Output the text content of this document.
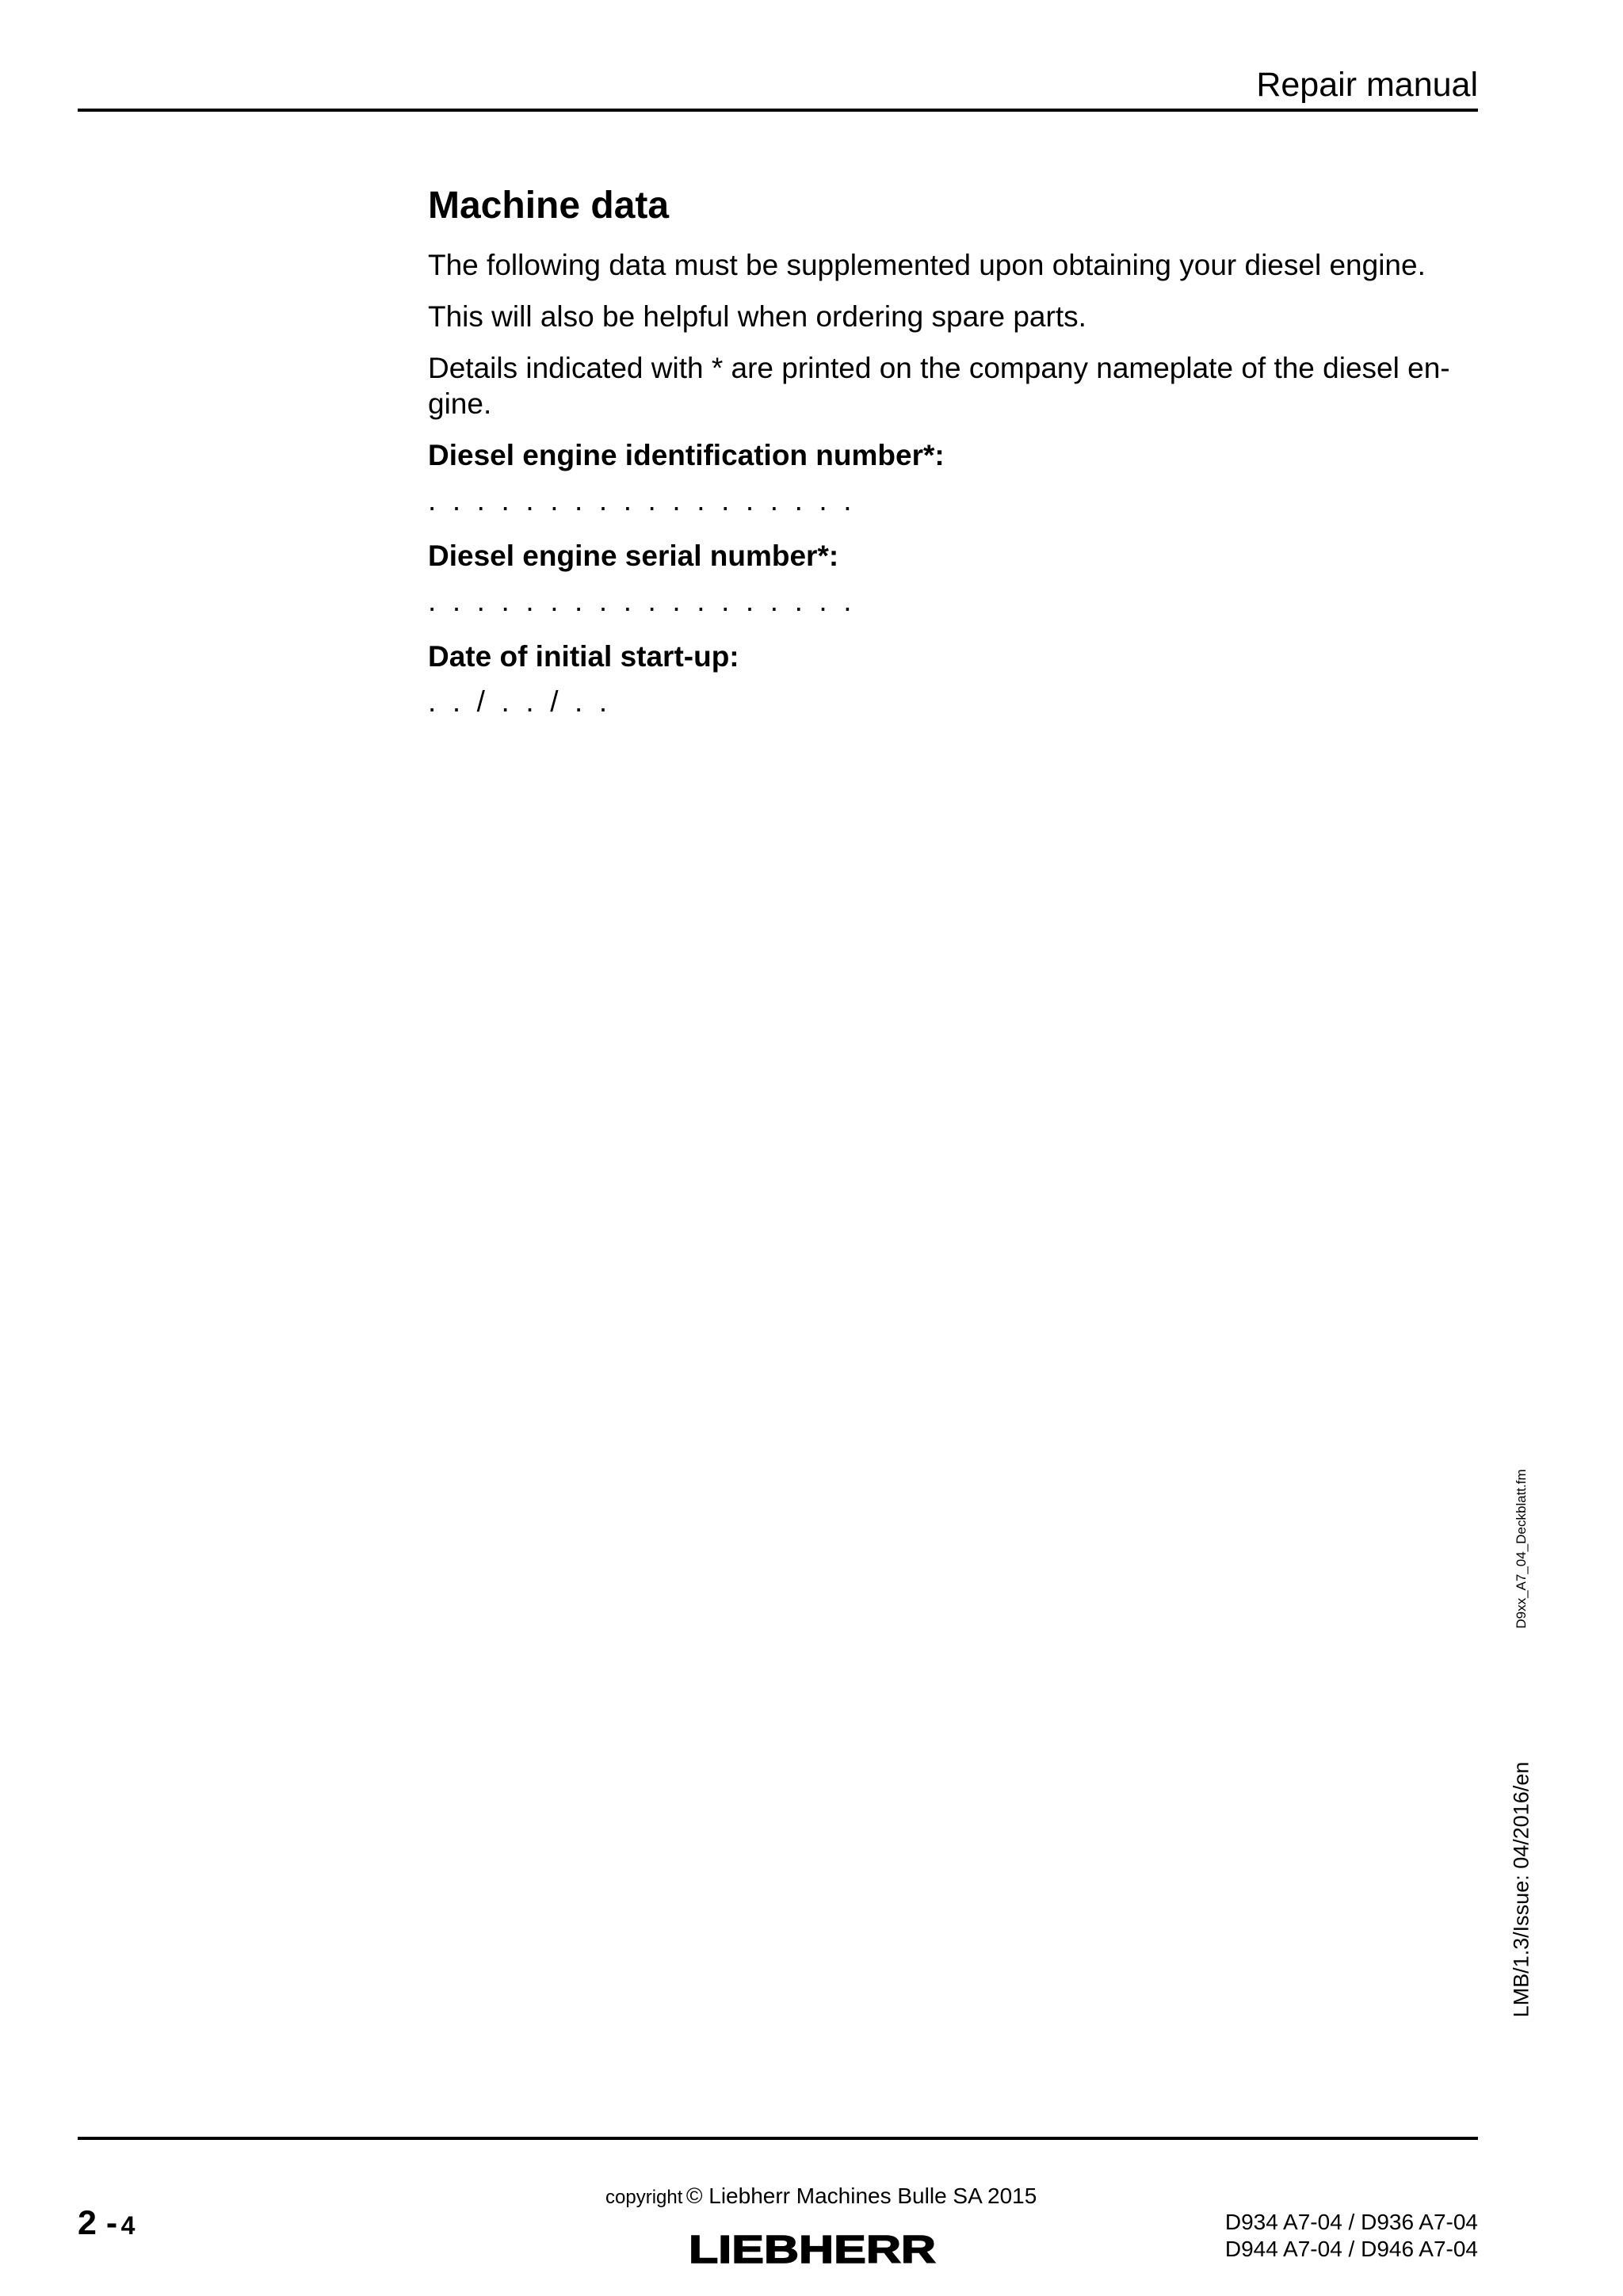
Repair manual
Machine data

The following data must be supplemented upon obtaining your diesel engine.

This will also be helpful when ordering spare parts.

Details indicated with * are printed on the company nameplate of the diesel en-gine.

Diesel engine identification number*:
.  .  .  .  .  .  .  .  .  .  .  .  .  .  .  .  .  .
Diesel engine serial number*:
.  .  .  .  .  .  .  .  .  .  .  .  .  .  .  .  .  .
Date of initial start-up:
.  .  /  .  .  /  .  .
D9xx_A7_04_Deckblatt.fm
LMB/1.3/Issue: 04/2016/en
2 - 4
copyright © Liebherr Machines Bulle SA 2015
LIEBHERR
D934 A7-04 / D936 A7-04
D944 A7-04 / D946 A7-04
